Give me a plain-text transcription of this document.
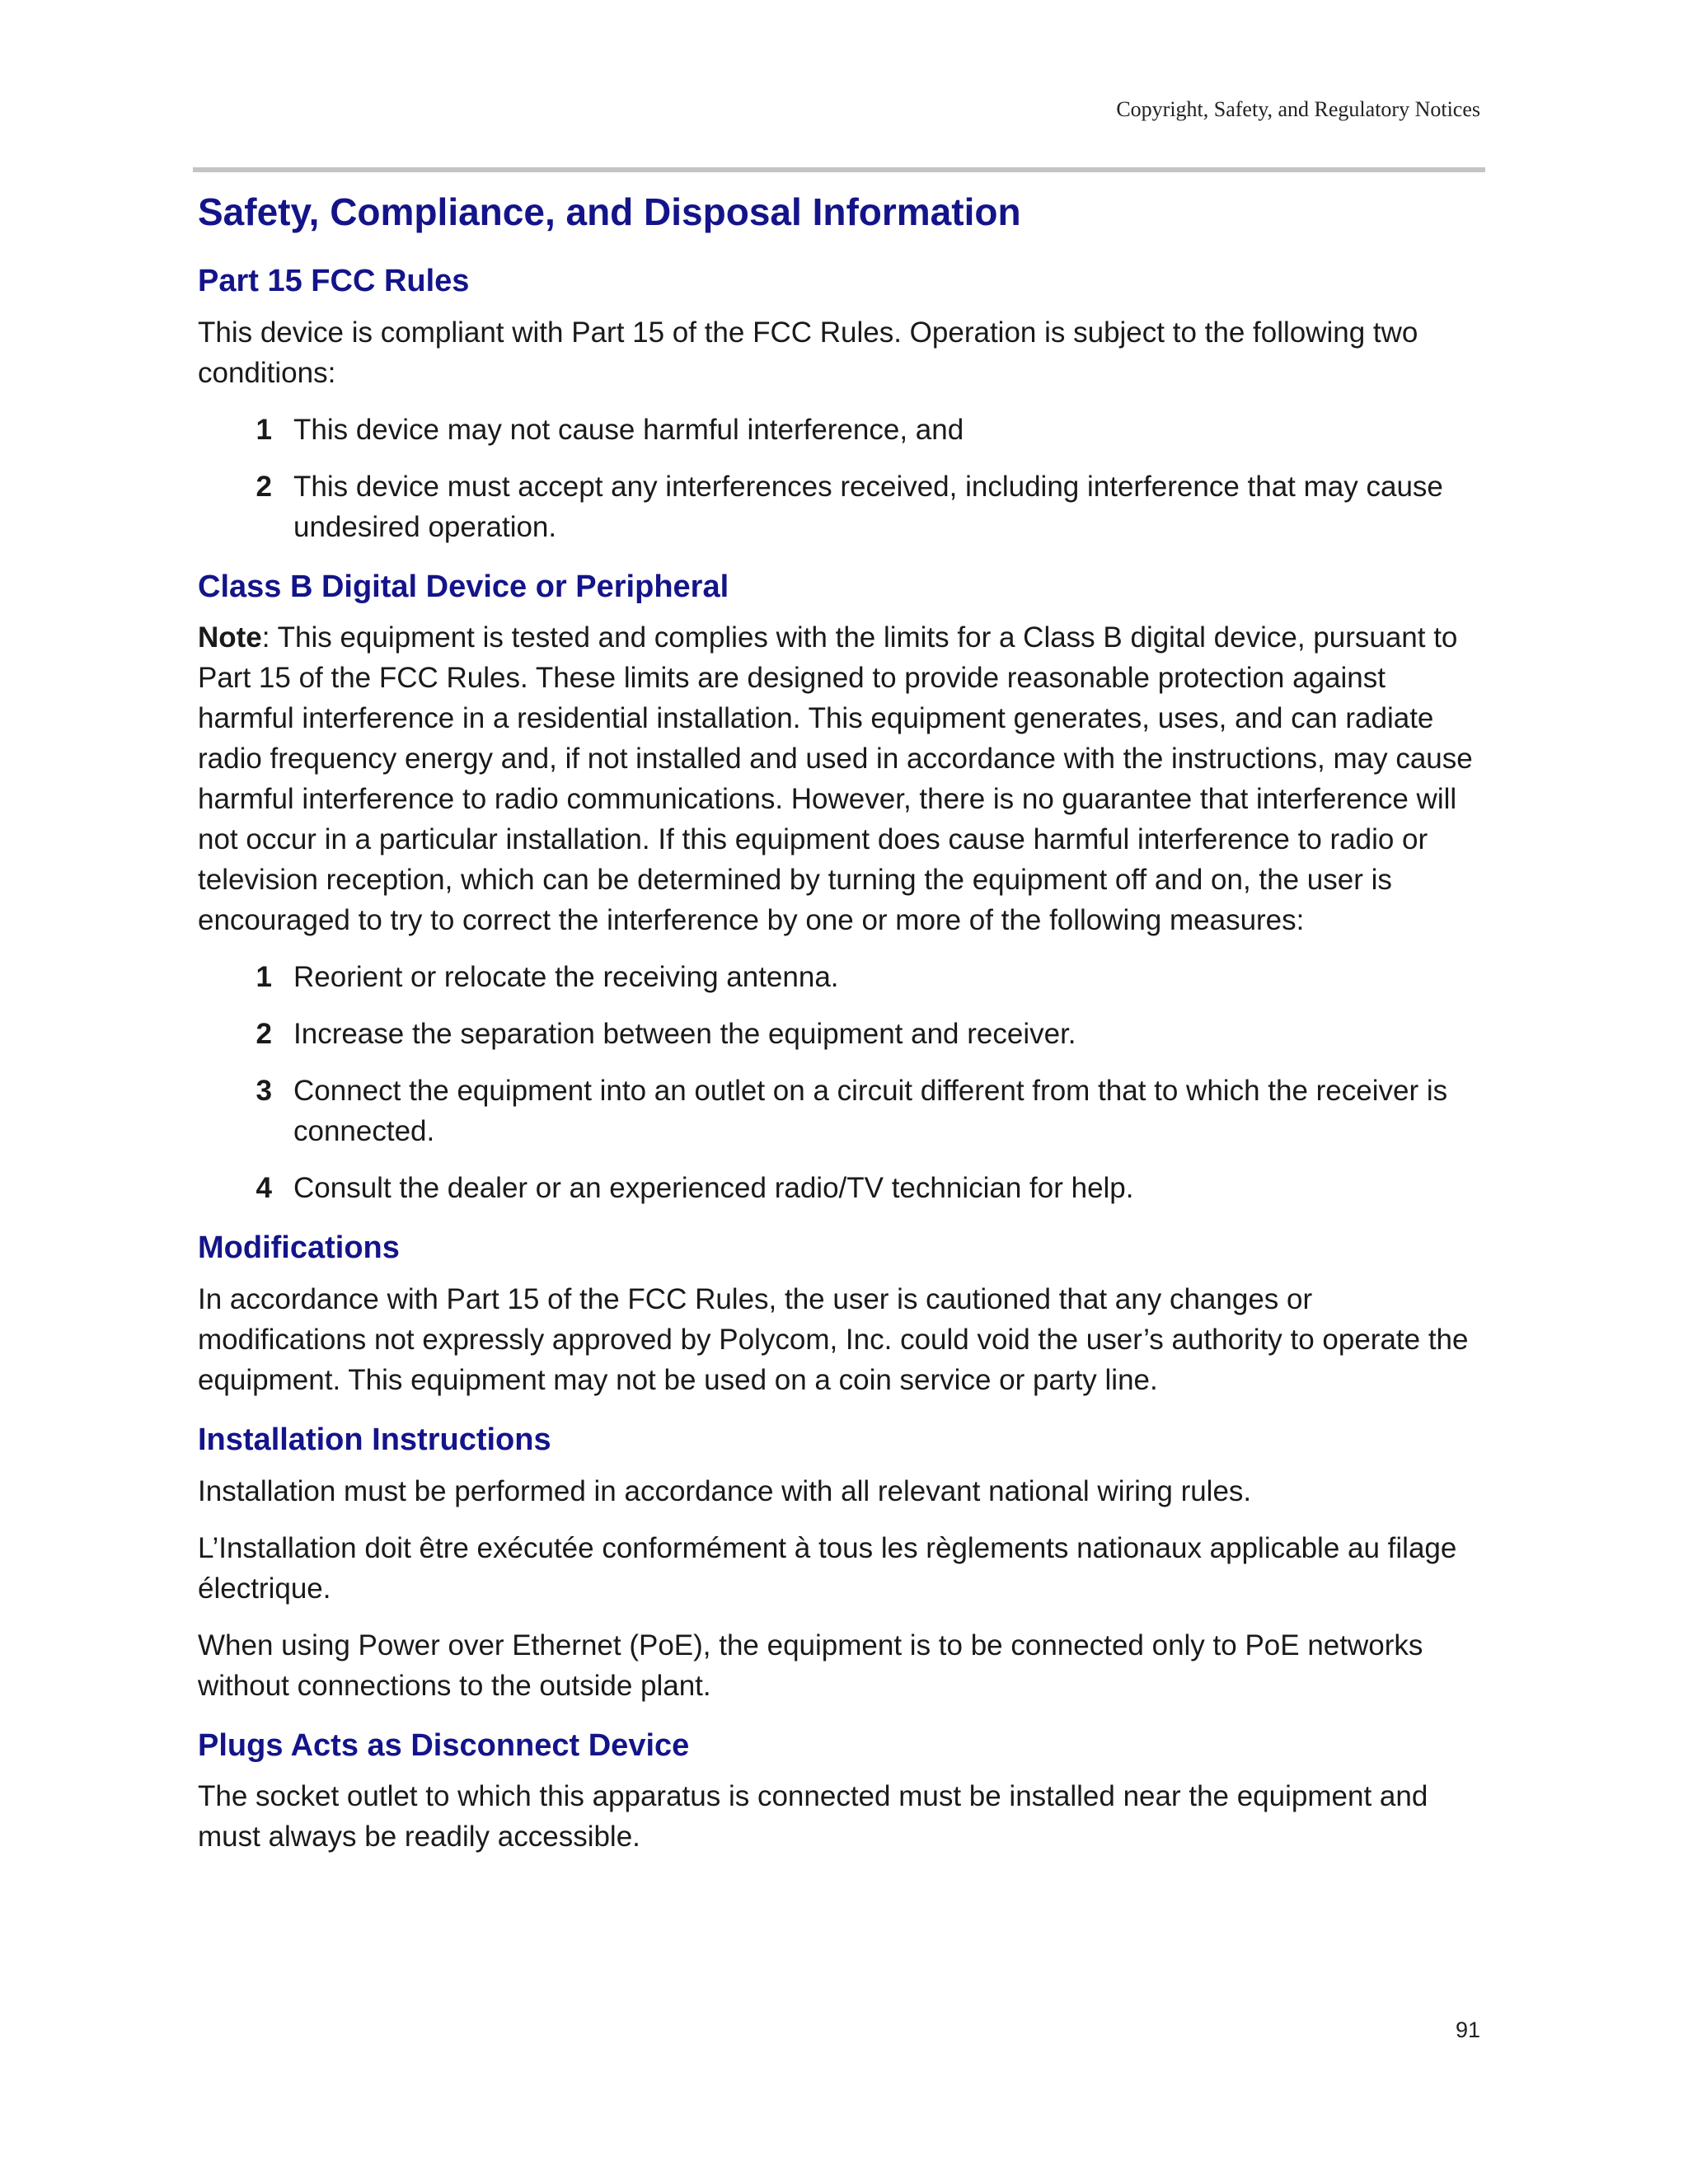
Copyright, Safety, and Regulatory Notices
Safety, Compliance, and Disposal Information
Part 15 FCC Rules

This device is compliant with Part 15 of the FCC Rules. Operation is subject to the following two conditions:

1 This device may not cause harmful interference, and
2 This device must accept any interferences received, including interference that may cause undesired operation.
Class B Digital Device or Peripheral

Note: This equipment is tested and complies with the limits for a Class B digital device, pursuant to Part 15 of the FCC Rules. These limits are designed to provide reasonable protection against harmful interference in a residential installation. This equipment generates, uses, and can radiate radio frequency energy and, if not installed and used in accordance with the instructions, may cause harmful interference to radio communications. However, there is no guarantee that interference will not occur in a particular installation. If this equipment does cause harmful interference to radio or television reception, which can be determined by turning the equipment off and on, the user is encouraged to try to correct the interference by one or more of the following measures:

1 Reorient or relocate the receiving antenna.
2 Increase the separation between the equipment and receiver.
3 Connect the equipment into an outlet on a circuit different from that to which the receiver is connected.
4 Consult the dealer or an experienced radio/TV technician for help.
Modifications

In accordance with Part 15 of the FCC Rules, the user is cautioned that any changes or modifications not expressly approved by Polycom, Inc. could void the user’s authority to operate the equipment. This equipment may not be used on a coin service or party line.

Installation Instructions

Installation must be performed in accordance with all relevant national wiring rules.

L’Installation doit être exécutée conformément à tous les règlements nationaux applicable au filage électrique.

When using Power over Ethernet (PoE), the equipment is to be connected only to PoE networks without connections to the outside plant.

Plugs Acts as Disconnect Device

The socket outlet to which this apparatus is connected must be installed near the equipment and must always be readily accessible.

91
